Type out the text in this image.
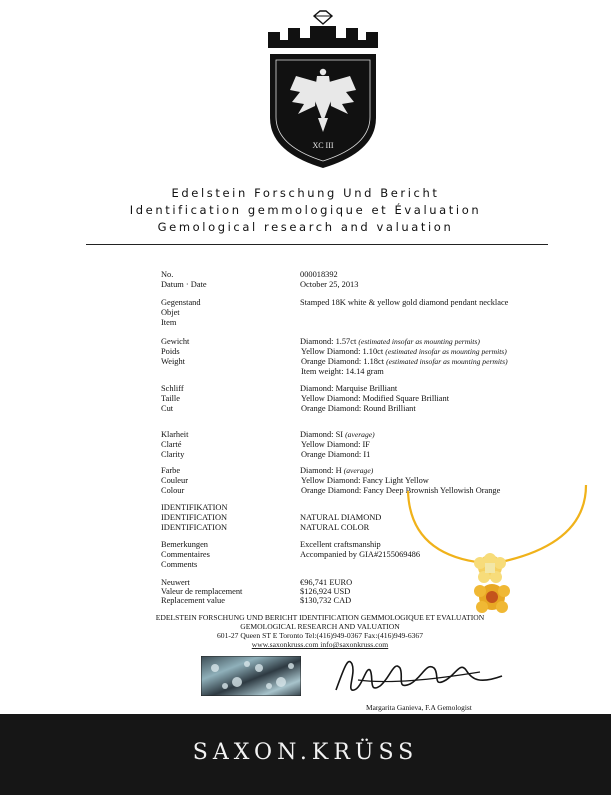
XC III
Edelstein Forschung Und Bericht
Identification gemmologique et Évaluation
Gemological research and valuation
No.	000018392
Datum · Date	October 25, 2013
Gegenstand
Objet
Item
Stamped 18K white & yellow gold diamond pendant necklace
Gewicht
Poids
Weight
Diamond: 1.57ct (estimated insofar as mounting permits)
Yellow Diamond: 1.10ct (estimated insofar as mounting permits)
Orange Diamond: 1.18ct (estimated insofar as mounting permits)
Item weight: 14.14 gram
Schliff
Taille
Cut
Diamond: Marquise Brilliant
Yellow Diamond: Modified Square Brilliant
Orange Diamond: Round Brilliant
Klarheit
Clarté
Clarity
Diamond: SI (average)
Yellow Diamond: IF
Orange Diamond: I1
Farbe
Couleur
Colour
Diamond: H (average)
Yellow Diamond: Fancy Light Yellow
Orange Diamond: Fancy Deep Brownish Yellowish Orange
IDENTIFIKATION
IDENTIFICATION
IDENTIFICATION
NATURAL DIAMOND
NATURAL COLOR
Bemerkungen
Commentaires
Comments
Excellent craftsmanship
Accompanied by GIA#2155069486
Neuwert
Valeur de remplacement
Replacement value
€96,741 EURO
$126,924 USD
$130,732 CAD
EDELSTEIN FORSCHUNG UND BERICHT IDENTIFICATION GEMMOLOGIQUE ET EVALUATION
GEMOLOGICAL RESEARCH AND VALUATION
601-27 Queen ST E Toronto Tel:(416)949-0367 Fax:(416)949-6367
www.saxonkruss.com info@saxonkruss.com
Margarita Ganieva, F.A Gemologist
SAXON.KRÜSS
